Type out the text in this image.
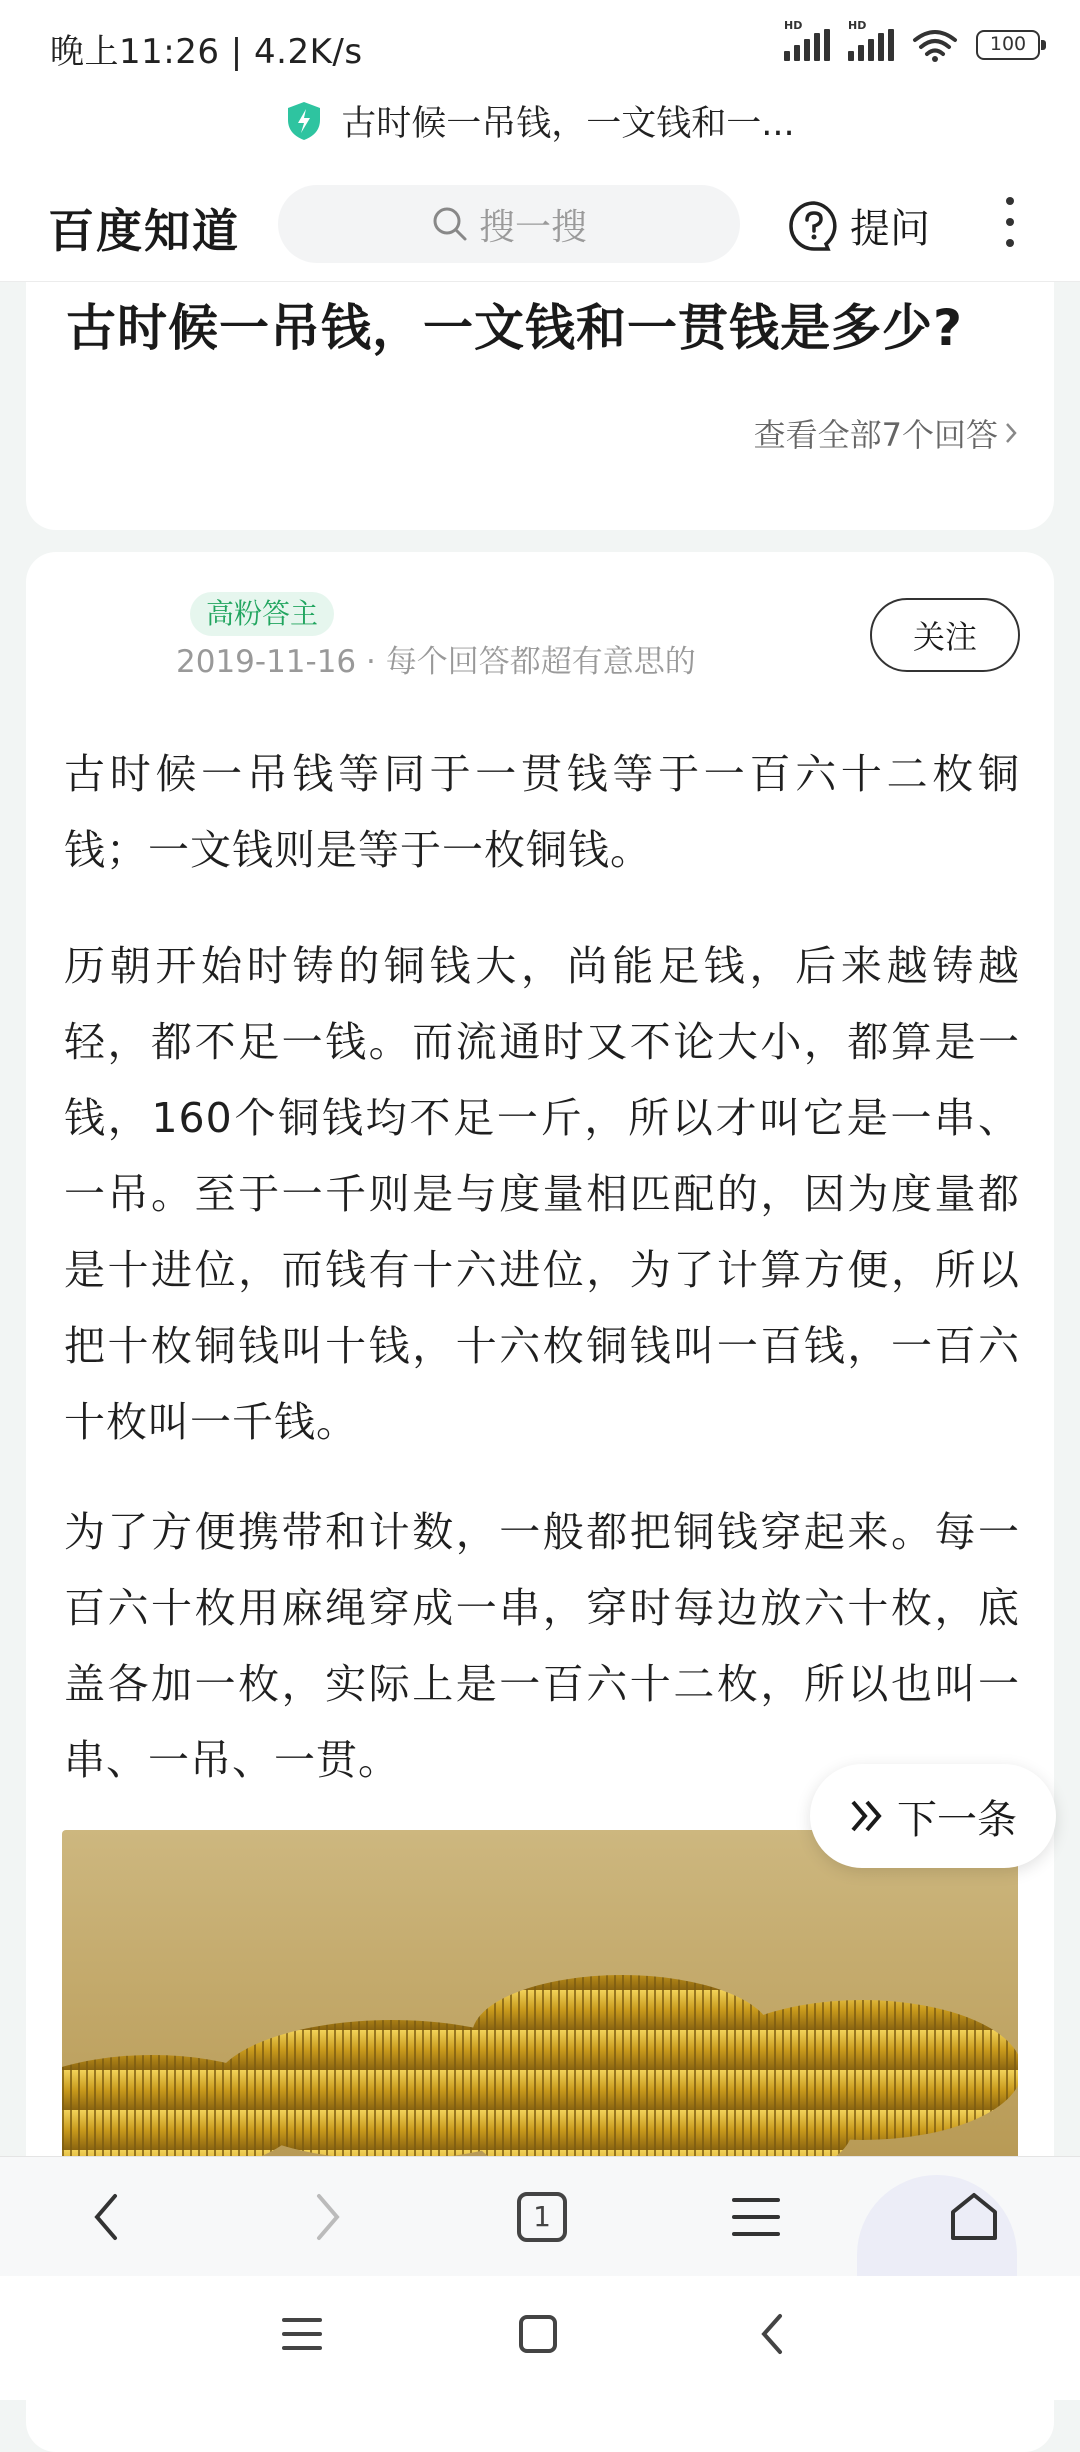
晚上11:26 | 4.2K/s
HD	HD
100
古时候一吊钱，一文钱和一...
百度知道	搜一搜	提问
古时候一吊钱，一文钱和一贯钱是多少?
查看全部7个回答
高粉答主
2019-11-16 · 每个回答都超有意思的
关注

古时候一吊钱等同于一贯钱等于一百六十二枚铜钱；一文钱则是等于一枚铜钱。

历朝开始时铸的铜钱大，尚能足钱，后来越铸越轻，都不足一钱。而流通时又不论大小，都算是一钱，160个铜钱均不足一斤，所以才叫它是一串、一吊。至于一千则是与度量相匹配的，因为度量都是十进位，而钱有十六进位，为了计算方便，所以把十枚铜钱叫十钱，十六枚铜钱叫一百钱，一百六十枚叫一千钱。

为了方便携带和计数，一般都把铜钱穿起来。每一百六十枚用麻绳穿成一串，穿时每边放六十枚，底盖各加一枚，实际上是一百六十二枚，所以也叫一串、一吊、一贯。

下一条
1
